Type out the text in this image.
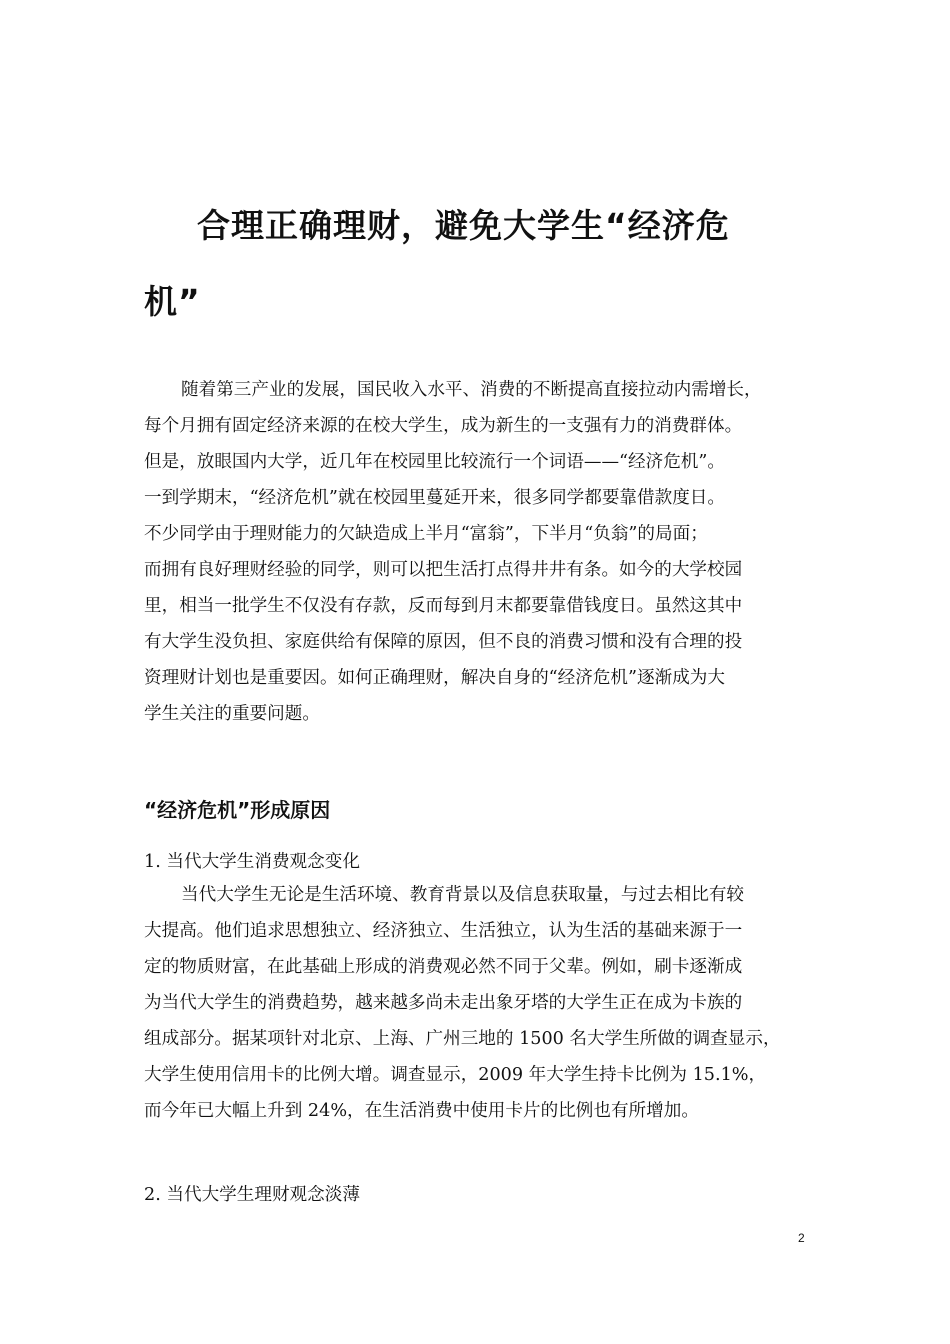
合理正确理财，避免大学生“经济危
机”
随着第三产业的发展，国民收入水平、消费的不断提高直接拉动内需增长，
每个月拥有固定经济来源的在校大学生，成为新生的一支强有力的消费群体。
但是，放眼国内大学，近几年在校园里比较流行一个词语——“经济危机”。
一到学期末，“经济危机”就在校园里蔓延开来，很多同学都要靠借款度日。
不少同学由于理财能力的欠缺造成上半月“富翁”，下半月“负翁”的局面；
而拥有良好理财经验的同学，则可以把生活打点得井井有条。如今的大学校园
里，相当一批学生不仅没有存款，反而每到月末都要靠借钱度日。虽然这其中
有大学生没负担、家庭供给有保障的原因，但不良的消费习惯和没有合理的投
资理财计划也是重要因。如何正确理财，解决自身的“经济危机”逐渐成为大
学生关注的重要问题。
“经济危机”形成原因
1. 当代大学生消费观念变化
当代大学生无论是生活环境、教育背景以及信息获取量，与过去相比有较
大提高。他们追求思想独立、经济独立、生活独立，认为生活的基础来源于一
定的物质财富，在此基础上形成的消费观必然不同于父辈。例如，刷卡逐渐成
为当代大学生的消费趋势，越来越多尚未走出象牙塔的大学生正在成为卡族的
组成部分。据某项针对北京、上海、广州三地的 1500 名大学生所做的调查显示，
大学生使用信用卡的比例大增。调查显示，2009 年大学生持卡比例为 15.1%，
而今年已大幅上升到 24%，在生活消费中使用卡片的比例也有所增加。
2. 当代大学生理财观念淡薄
2
